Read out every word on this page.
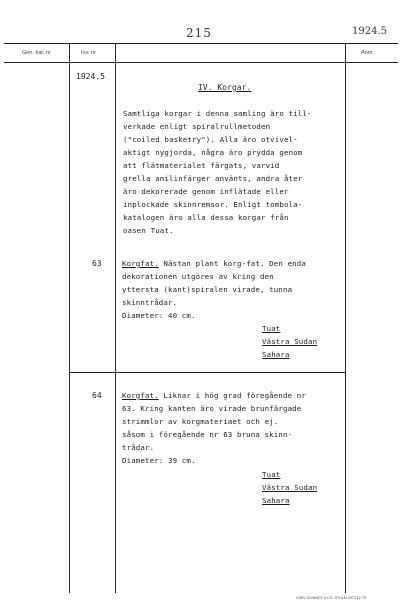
215	1924.5
Gen. kat. nr	Inv. nr	Anm.
1924.5
IV. Korgar.
Samtliga korgar i denna samling äro till-
verkade enligt spiralrullmetoden
("coiled basketry"). Alla äro otvivel-
aktigt nygjorda, några äro prydda genom
att flätmaterialet färgats, varvid
grella anilinfärger använts, andra åter
äro dekorerade genom inflätade eller
inplockade skinnremsor. Enligt tombola-
katalogen äro alla dessa korgar från
oasen Tuat.
63	Korgfat. Nästan plant korg-fat. Den enda
dekorationen utgöres av kring den
yttersta (kant)spiralen virade, tunna
skinntrådar.
Diameter: 40 cm.
Tuat
Västra Sudan
Sahara
64	Korgfat. Liknar i hög grad föregående nr
63. Kring kanten äro virade brunfärgade
strimmlor av korgmateriaet och ej.
såsom i föregående nr 63 bruna skinn-
trådar.
Diameter: 39 cm.
Tuat
Västra Sudan
Sahara
CARL SCHMIDT & CO. STHLM 2473 12 75
